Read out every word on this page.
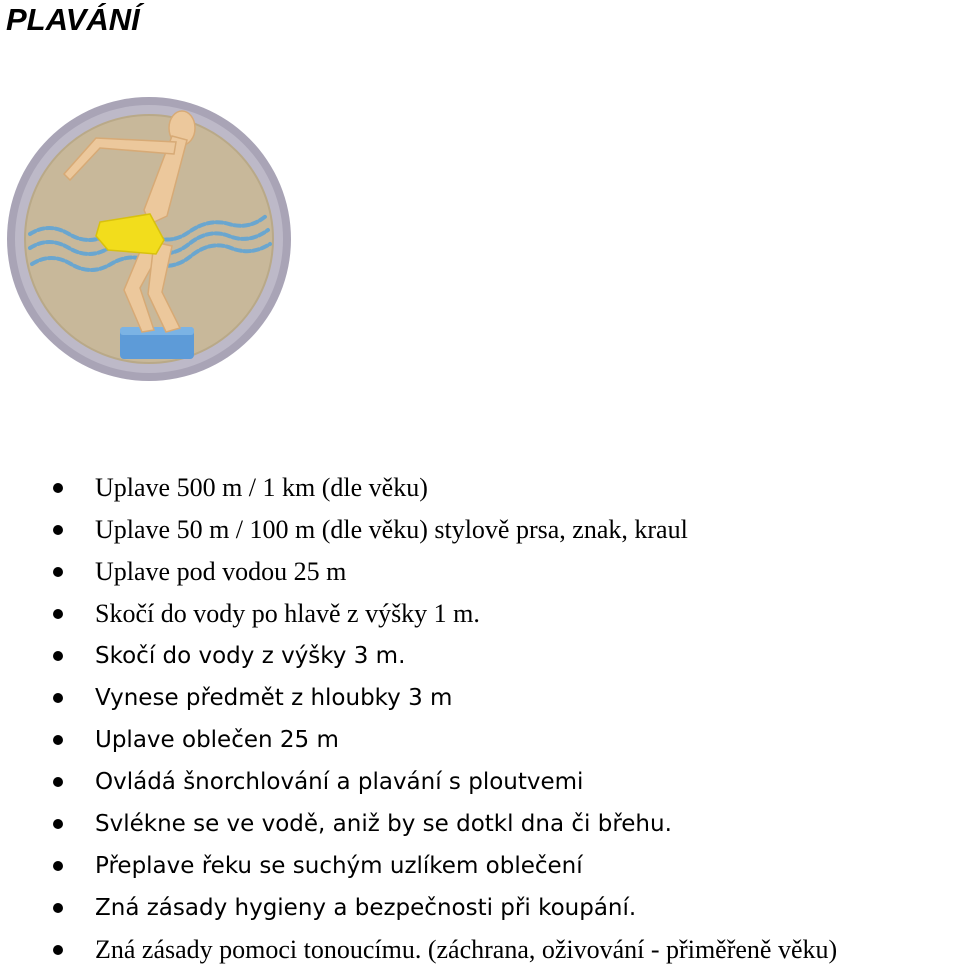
PLAVÁNÍ
Uplave 500 m / 1 km (dle věku)
Uplave 50 m / 100 m (dle věku) stylově prsa, znak, kraul
Uplave pod vodou 25 m
Skočí do vody po hlavě z výšky 1 m.
Skočí do vody z výšky 3 m.
Vynese předmět z hloubky 3 m
Uplave oblečen 25 m
Ovládá šnorchlování a plavání s ploutvemi
Svlékne se ve vodě, aniž by se dotkl dna či břehu.
Přeplave řeku se suchým uzlíkem oblečení
Zná zásady hygieny a bezpečnosti při koupání.
Zná zásady pomoci tonoucímu. (záchrana, oživování - přiměřeně věku)
